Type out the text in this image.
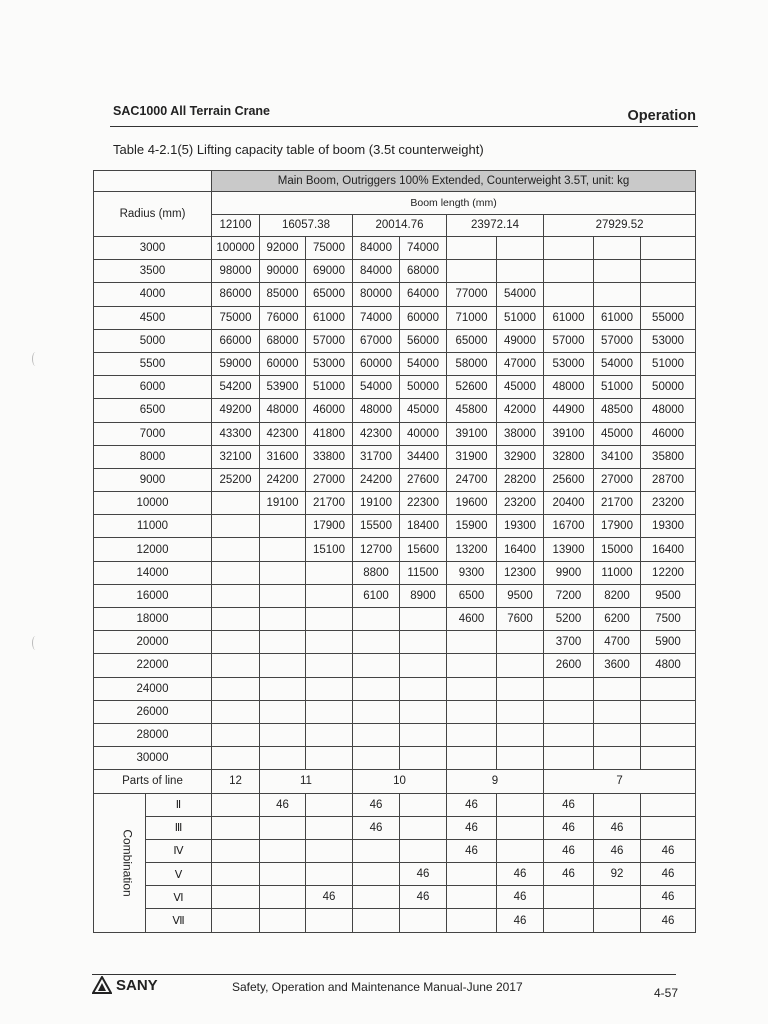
SAC1000 All Terrain Crane	Operation
Table 4-2.1(5) Lifting capacity table of boom (3.5t counterweight)
		Main Boom, Outriggers 100% Extended, Counterweight 3.5T, unit: kg									
Radius (mm)		Boom length (mm)									
		12100	16057.38		20014.76		23972.14		27929.52		
3000		100000	92000	75000	84000	74000					
3500		98000	90000	69000	84000	68000					
4000		86000	85000	65000	80000	64000	77000	54000			
4500		75000	76000	61000	74000	60000	71000	51000	61000	61000	55000
5000		66000	68000	57000	67000	56000	65000	49000	57000	57000	53000
5500		59000	60000	53000	60000	54000	58000	47000	53000	54000	51000
6000		54200	53900	51000	54000	50000	52600	45000	48000	51000	50000
6500		49200	48000	46000	48000	45000	45800	42000	44900	48500	48000
7000		43300	42300	41800	42300	40000	39100	38000	39100	45000	46000
8000		32100	31600	33800	31700	34400	31900	32900	32800	34100	35800
9000		25200	24200	27000	24200	27600	24700	28200	25600	27000	28700
10000			19100	21700	19100	22300	19600	23200	20400	21700	23200
11000				17900	15500	18400	15900	19300	16700	17900	19300
12000				15100	12700	15600	13200	16400	13900	15000	16400
14000					8800	11500	9300	12300	9900	11000	12200
16000					6100	8900	6500	9500	7200	8200	9500
18000							4600	7600	5200	6200	7500
20000									3700	4700	5900
22000									2600	3600	4800
24000											
26000											
28000											
30000											
Parts of line		12	11		10		9		7		
Combination	Ⅱ		46		46		46		46		
	Ⅲ				46		46		46	46	
	Ⅳ						46		46	46	46
	Ⅴ					46		46	46	92	46
	Ⅵ			46		46		46			46
	Ⅶ							46			46
SANY	Safety, Operation and Maintenance Manual-June 2017	4-57
